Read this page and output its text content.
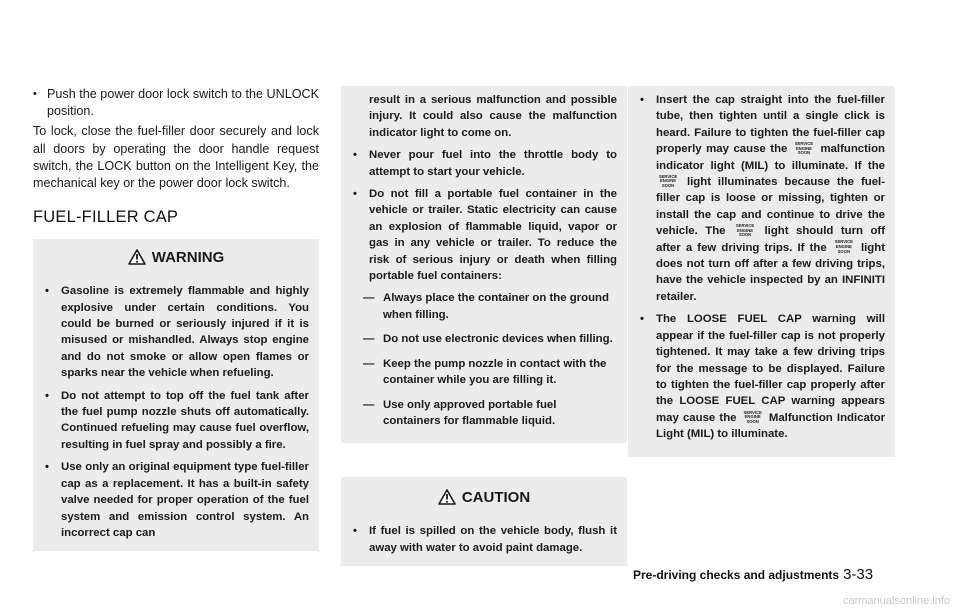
• Push the power door lock switch to the UNLOCK position.

To lock, close the fuel-filler door securely and lock all doors by operating the door handle request switch, the LOCK button on the Intelligent Key, the mechanical key or the power door lock switch.

FUEL-FILLER CAP
WARNING
• Gasoline is extremely flammable and highly explosive under certain conditions. You could be burned or seriously injured if it is misused or mishandled. Always stop engine and do not smoke or allow open flames or sparks near the vehicle when refueling.
• Do not attempt to top off the fuel tank after the fuel pump nozzle shuts off automatically. Continued refueling may cause fuel overflow, resulting in fuel spray and possibly a fire.
• Use only an original equipment type fuel-filler cap as a replacement. It has a built-in safety valve needed for proper operation of the fuel system and emission control system. An incorrect cap can
result in a serious malfunction and possible injury. It could also cause the malfunction indicator light to come on.
• Never pour fuel into the throttle body to attempt to start your vehicle.
• Do not fill a portable fuel container in the vehicle or trailer. Static electricity can cause an explosion of flammable liquid, vapor or gas in any vehicle or trailer. To reduce the risk of serious injury or death when filling portable fuel containers:
— Always place the container on the ground when filling.
— Do not use electronic devices when filling.
— Keep the pump nozzle in contact with the container while you are filling it.
— Use only approved portable fuel containers for flammable liquid.
CAUTION
• If fuel is spilled on the vehicle body, flush it away with water to avoid paint damage.
• Insert the cap straight into the fuel-filler tube, then tighten until a single click is heard. Failure to tighten the fuel-filler cap properly may cause the SERVICE
ENGINE
SOON malfunction indicator light (MIL) to illuminate. If the SERVICE
ENGINE
SOON light illuminates because the fuel-filler cap is loose or missing, tighten or install the cap and continue to drive the vehicle. The SERVICE
ENGINE
SOON light should turn off after a few driving trips. If the SERVICE
ENGINE
SOON light does not turn off after a few driving trips, have the vehicle inspected by an INFINITI retailer.
• The LOOSE FUEL CAP warning will appear if the fuel-filler cap is not properly tightened. It may take a few driving trips for the message to be displayed. Failure to tighten the fuel-filler cap properly after the LOOSE FUEL CAP warning appears may cause the SERVICE
ENGINE
SOON Malfunction Indicator Light (MIL) to illuminate.
Pre-driving checks and adjustments 3-33
carmanualsonline.info
